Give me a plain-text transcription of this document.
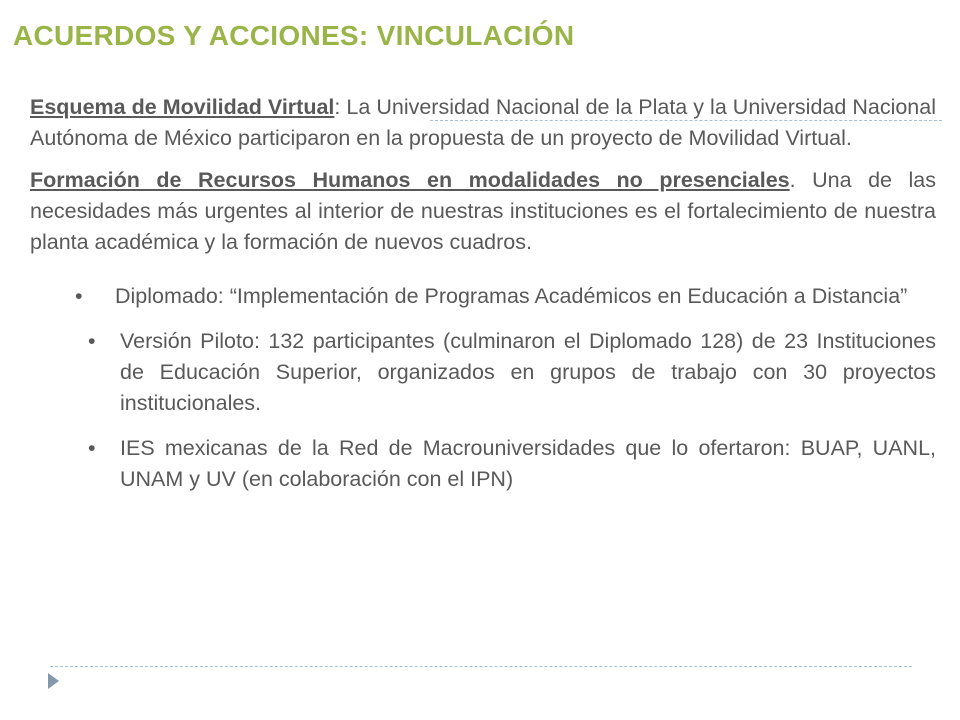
ACUERDOS Y ACCIONES: VINCULACIÓN

Esquema de Movilidad Virtual: La Universidad Nacional de la Plata y la Universidad Nacional Autónoma de México participaron en la propuesta de un proyecto de Movilidad Virtual.

Formación de Recursos Humanos en modalidades no presenciales. Una de las necesidades más urgentes al interior de nuestras instituciones es el fortalecimiento de nuestra planta académica y la formación de nuevos cuadros.

• Diplomado: “Implementación de Programas Académicos en Educación a Distancia”
• Versión Piloto: 132 participantes (culminaron el Diplomado 128) de 23 Instituciones de Educación Superior, organizados en grupos de trabajo con 30 proyectos institucionales.
• IES mexicanas de la Red de Macrouniversidades que lo ofertaron: BUAP, UANL, UNAM y UV (en colaboración con el IPN)
